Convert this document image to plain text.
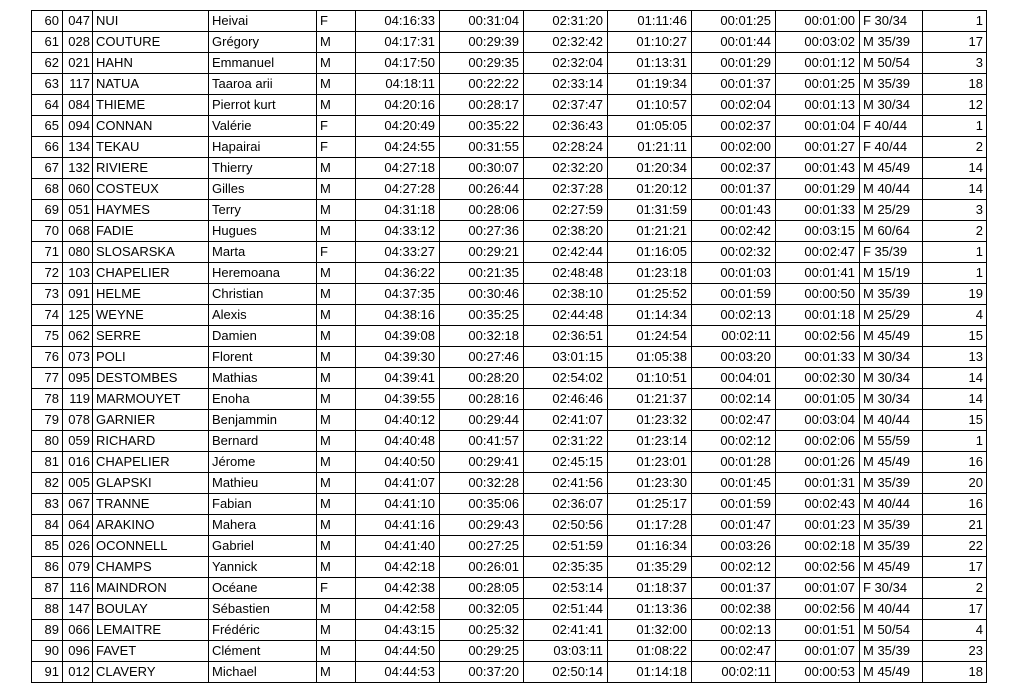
60	047	NUI	Heivai	F	04:16:33	00:31:04	02:31:20	01:11:46	00:01:25	00:01:00	F 30/34	1
61	028	COUTURE	Grégory	M	04:17:31	00:29:39	02:32:42	01:10:27	00:01:44	00:03:02	M 35/39	17
62	021	HAHN	Emmanuel	M	04:17:50	00:29:35	02:32:04	01:13:31	00:01:29	00:01:12	M 50/54	3
63	117	NATUA	Taaroa arii	M	04:18:11	00:22:22	02:33:14	01:19:34	00:01:37	00:01:25	M 35/39	18
64	084	THIEME	Pierrot kurt	M	04:20:16	00:28:17	02:37:47	01:10:57	00:02:04	00:01:13	M 30/34	12
65	094	CONNAN	Valérie	F	04:20:49	00:35:22	02:36:43	01:05:05	00:02:37	00:01:04	F 40/44	1
66	134	TEKAU	Hapairai	F	04:24:55	00:31:55	02:28:24	01:21:11	00:02:00	00:01:27	F 40/44	2
67	132	RIVIERE	Thierry	M	04:27:18	00:30:07	02:32:20	01:20:34	00:02:37	00:01:43	M 45/49	14
68	060	COSTEUX	Gilles	M	04:27:28	00:26:44	02:37:28	01:20:12	00:01:37	00:01:29	M 40/44	14
69	051	HAYMES	Terry	M	04:31:18	00:28:06	02:27:59	01:31:59	00:01:43	00:01:33	M 25/29	3
70	068	FADIE	Hugues	M	04:33:12	00:27:36	02:38:20	01:21:21	00:02:42	00:03:15	M 60/64	2
71	080	SLOSARSKA	Marta	F	04:33:27	00:29:21	02:42:44	01:16:05	00:02:32	00:02:47	F 35/39	1
72	103	CHAPELIER	Heremoana	M	04:36:22	00:21:35	02:48:48	01:23:18	00:01:03	00:01:41	M 15/19	1
73	091	HELME	Christian	M	04:37:35	00:30:46	02:38:10	01:25:52	00:01:59	00:00:50	M 35/39	19
74	125	WEYNE	Alexis	M	04:38:16	00:35:25	02:44:48	01:14:34	00:02:13	00:01:18	M 25/29	4
75	062	SERRE	Damien	M	04:39:08	00:32:18	02:36:51	01:24:54	00:02:11	00:02:56	M 45/49	15
76	073	POLI	Florent	M	04:39:30	00:27:46	03:01:15	01:05:38	00:03:20	00:01:33	M 30/34	13
77	095	DESTOMBES	Mathias	M	04:39:41	00:28:20	02:54:02	01:10:51	00:04:01	00:02:30	M 30/34	14
78	119	MARMOUYET	Enoha	M	04:39:55	00:28:16	02:46:46	01:21:37	00:02:14	00:01:05	M 30/34	14
79	078	GARNIER	Benjammin	M	04:40:12	00:29:44	02:41:07	01:23:32	00:02:47	00:03:04	M 40/44	15
80	059	RICHARD	Bernard	M	04:40:48	00:41:57	02:31:22	01:23:14	00:02:12	00:02:06	M 55/59	1
81	016	CHAPELIER	Jérome	M	04:40:50	00:29:41	02:45:15	01:23:01	00:01:28	00:01:26	M 45/49	16
82	005	GLAPSKI	Mathieu	M	04:41:07	00:32:28	02:41:56	01:23:30	00:01:45	00:01:31	M 35/39	20
83	067	TRANNE	Fabian	M	04:41:10	00:35:06	02:36:07	01:25:17	00:01:59	00:02:43	M 40/44	16
84	064	ARAKINO	Mahera	M	04:41:16	00:29:43	02:50:56	01:17:28	00:01:47	00:01:23	M 35/39	21
85	026	OCONNELL	Gabriel	M	04:41:40	00:27:25	02:51:59	01:16:34	00:03:26	00:02:18	M 35/39	22
86	079	CHAMPS	Yannick	M	04:42:18	00:26:01	02:35:35	01:35:29	00:02:12	00:02:56	M 45/49	17
87	116	MAINDRON	Océane	F	04:42:38	00:28:05	02:53:14	01:18:37	00:01:37	00:01:07	F 30/34	2
88	147	BOULAY	Sébastien	M	04:42:58	00:32:05	02:51:44	01:13:36	00:02:38	00:02:56	M 40/44	17
89	066	LEMAITRE	Frédéric	M	04:43:15	00:25:32	02:41:41	01:32:00	00:02:13	00:01:51	M 50/54	4
90	096	FAVET	Clément	M	04:44:50	00:29:25	03:03:11	01:08:22	00:02:47	00:01:07	M 35/39	23
91	012	CLAVERY	Michael	M	04:44:53	00:37:20	02:50:14	01:14:18	00:02:11	00:00:53	M 45/49	18
